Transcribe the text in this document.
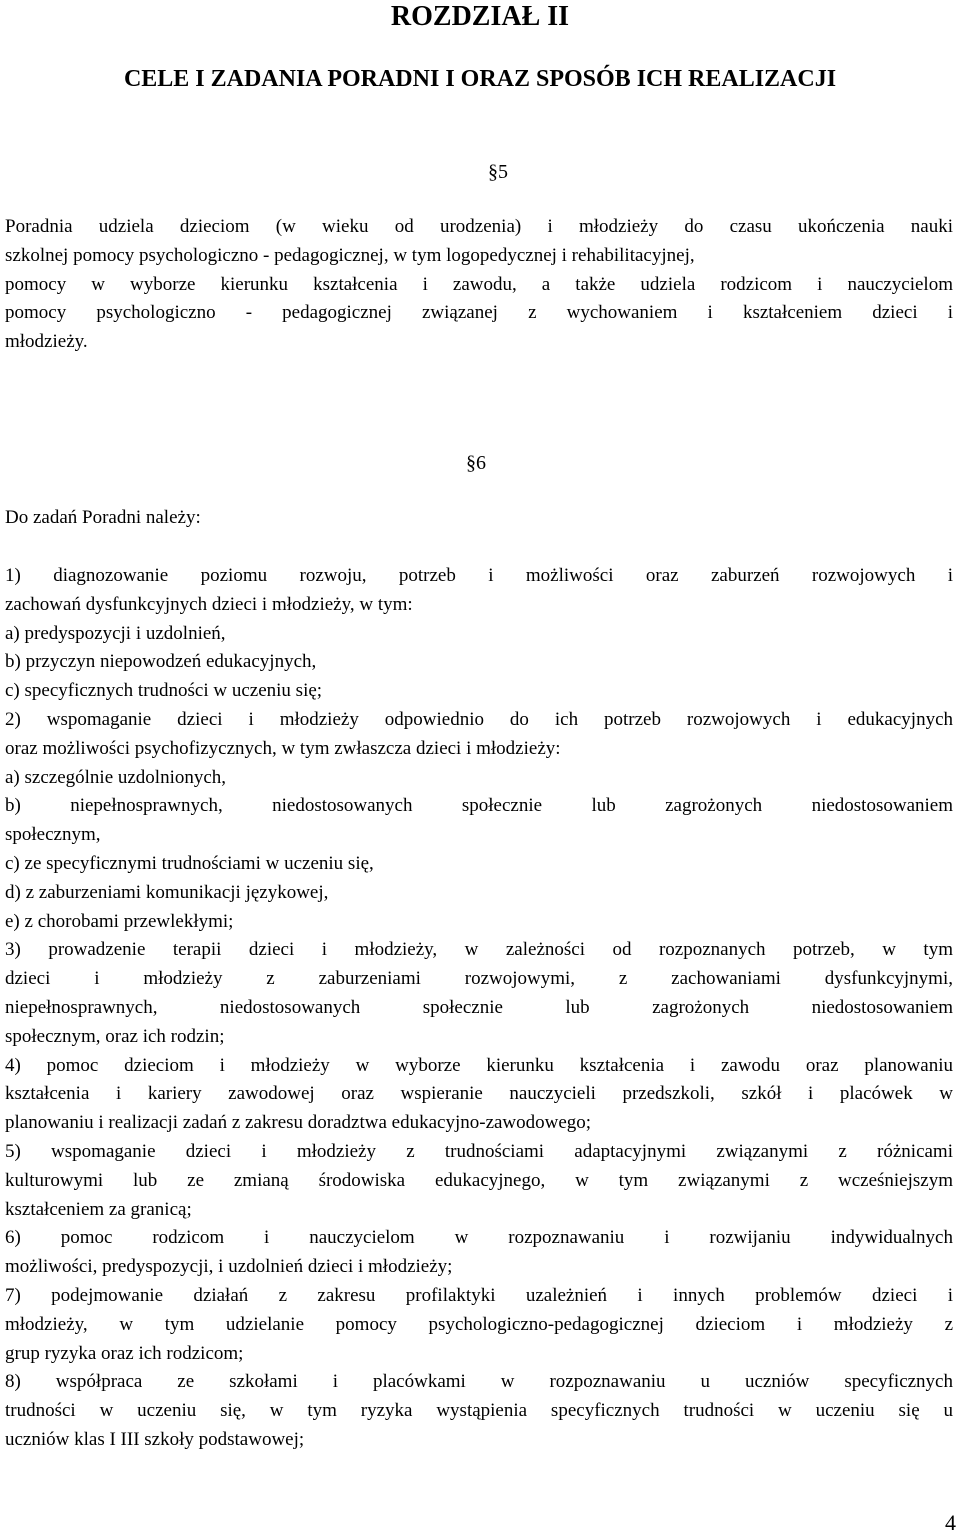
ROZDZIAŁ II
CELE I ZADANIA PORADNI I ORAZ SPOSÓB ICH REALIZACJI
§5
Poradnia udziela dzieciom (w wieku od urodzenia) i młodzieży do czasu ukończenia nauki
szkolnej pomocy psychologiczno - pedagogicznej, w tym logopedycznej i rehabilitacyjnej,
pomocy w wyborze kierunku kształcenia i zawodu, a także udziela rodzicom i nauczycielom
pomocy psychologiczno - pedagogicznej związanej z wychowaniem i kształceniem dzieci i
młodzieży.
§6

Do zadań Poradni należy:

1) diagnozowanie poziomu rozwoju, potrzeb i możliwości oraz zaburzeń rozwojowych i
zachowań dysfunkcyjnych dzieci i młodzieży, w tym:
a) predyspozycji i uzdolnień,
b) przyczyn niepowodzeń edukacyjnych,
c) specyficznych trudności w uczeniu się;
2) wspomaganie dzieci i młodzieży odpowiednio do ich potrzeb rozwojowych i edukacyjnych
oraz możliwości psychofizycznych, w tym zwłaszcza dzieci i młodzieży:
a) szczególnie uzdolnionych,
b) niepełnosprawnych, niedostosowanych społecznie lub zagrożonych niedostosowaniem
społecznym,
c) ze specyficznymi trudnościami w uczeniu się,
d) z zaburzeniami komunikacji językowej,
e) z chorobami przewlekłymi;
3) prowadzenie terapii dzieci i młodzieży, w zależności od rozpoznanych potrzeb, w tym
dzieci i młodzieży z zaburzeniami rozwojowymi, z zachowaniami dysfunkcyjnymi,
niepełnosprawnych, niedostosowanych społecznie lub zagrożonych niedostosowaniem
społecznym, oraz ich rodzin;
4) pomoc dzieciom i młodzieży w wyborze kierunku kształcenia i zawodu oraz planowaniu
kształcenia i kariery zawodowej oraz wspieranie nauczycieli przedszkoli, szkół i placówek w
planowaniu i realizacji zadań z zakresu doradztwa edukacyjno-zawodowego;
5) wspomaganie dzieci i młodzieży z trudnościami adaptacyjnymi związanymi z różnicami
kulturowymi lub ze zmianą środowiska edukacyjnego, w tym związanymi z wcześniejszym
kształceniem za granicą;
6) pomoc rodzicom i nauczycielom w rozpoznawaniu i rozwijaniu indywidualnych
możliwości, predyspozycji, i uzdolnień dzieci i młodzieży;
7) podejmowanie działań z zakresu profilaktyki uzależnień i innych problemów dzieci i
młodzieży, w tym udzielanie pomocy psychologiczno-pedagogicznej dzieciom i młodzieży z
grup ryzyka oraz ich rodzicom;
8) współpraca ze szkołami i placówkami w rozpoznawaniu u uczniów specyficznych
trudności w uczeniu się, w tym ryzyka wystąpienia specyficznych trudności w uczeniu się u
uczniów klas I III szkoły podstawowej;
4
